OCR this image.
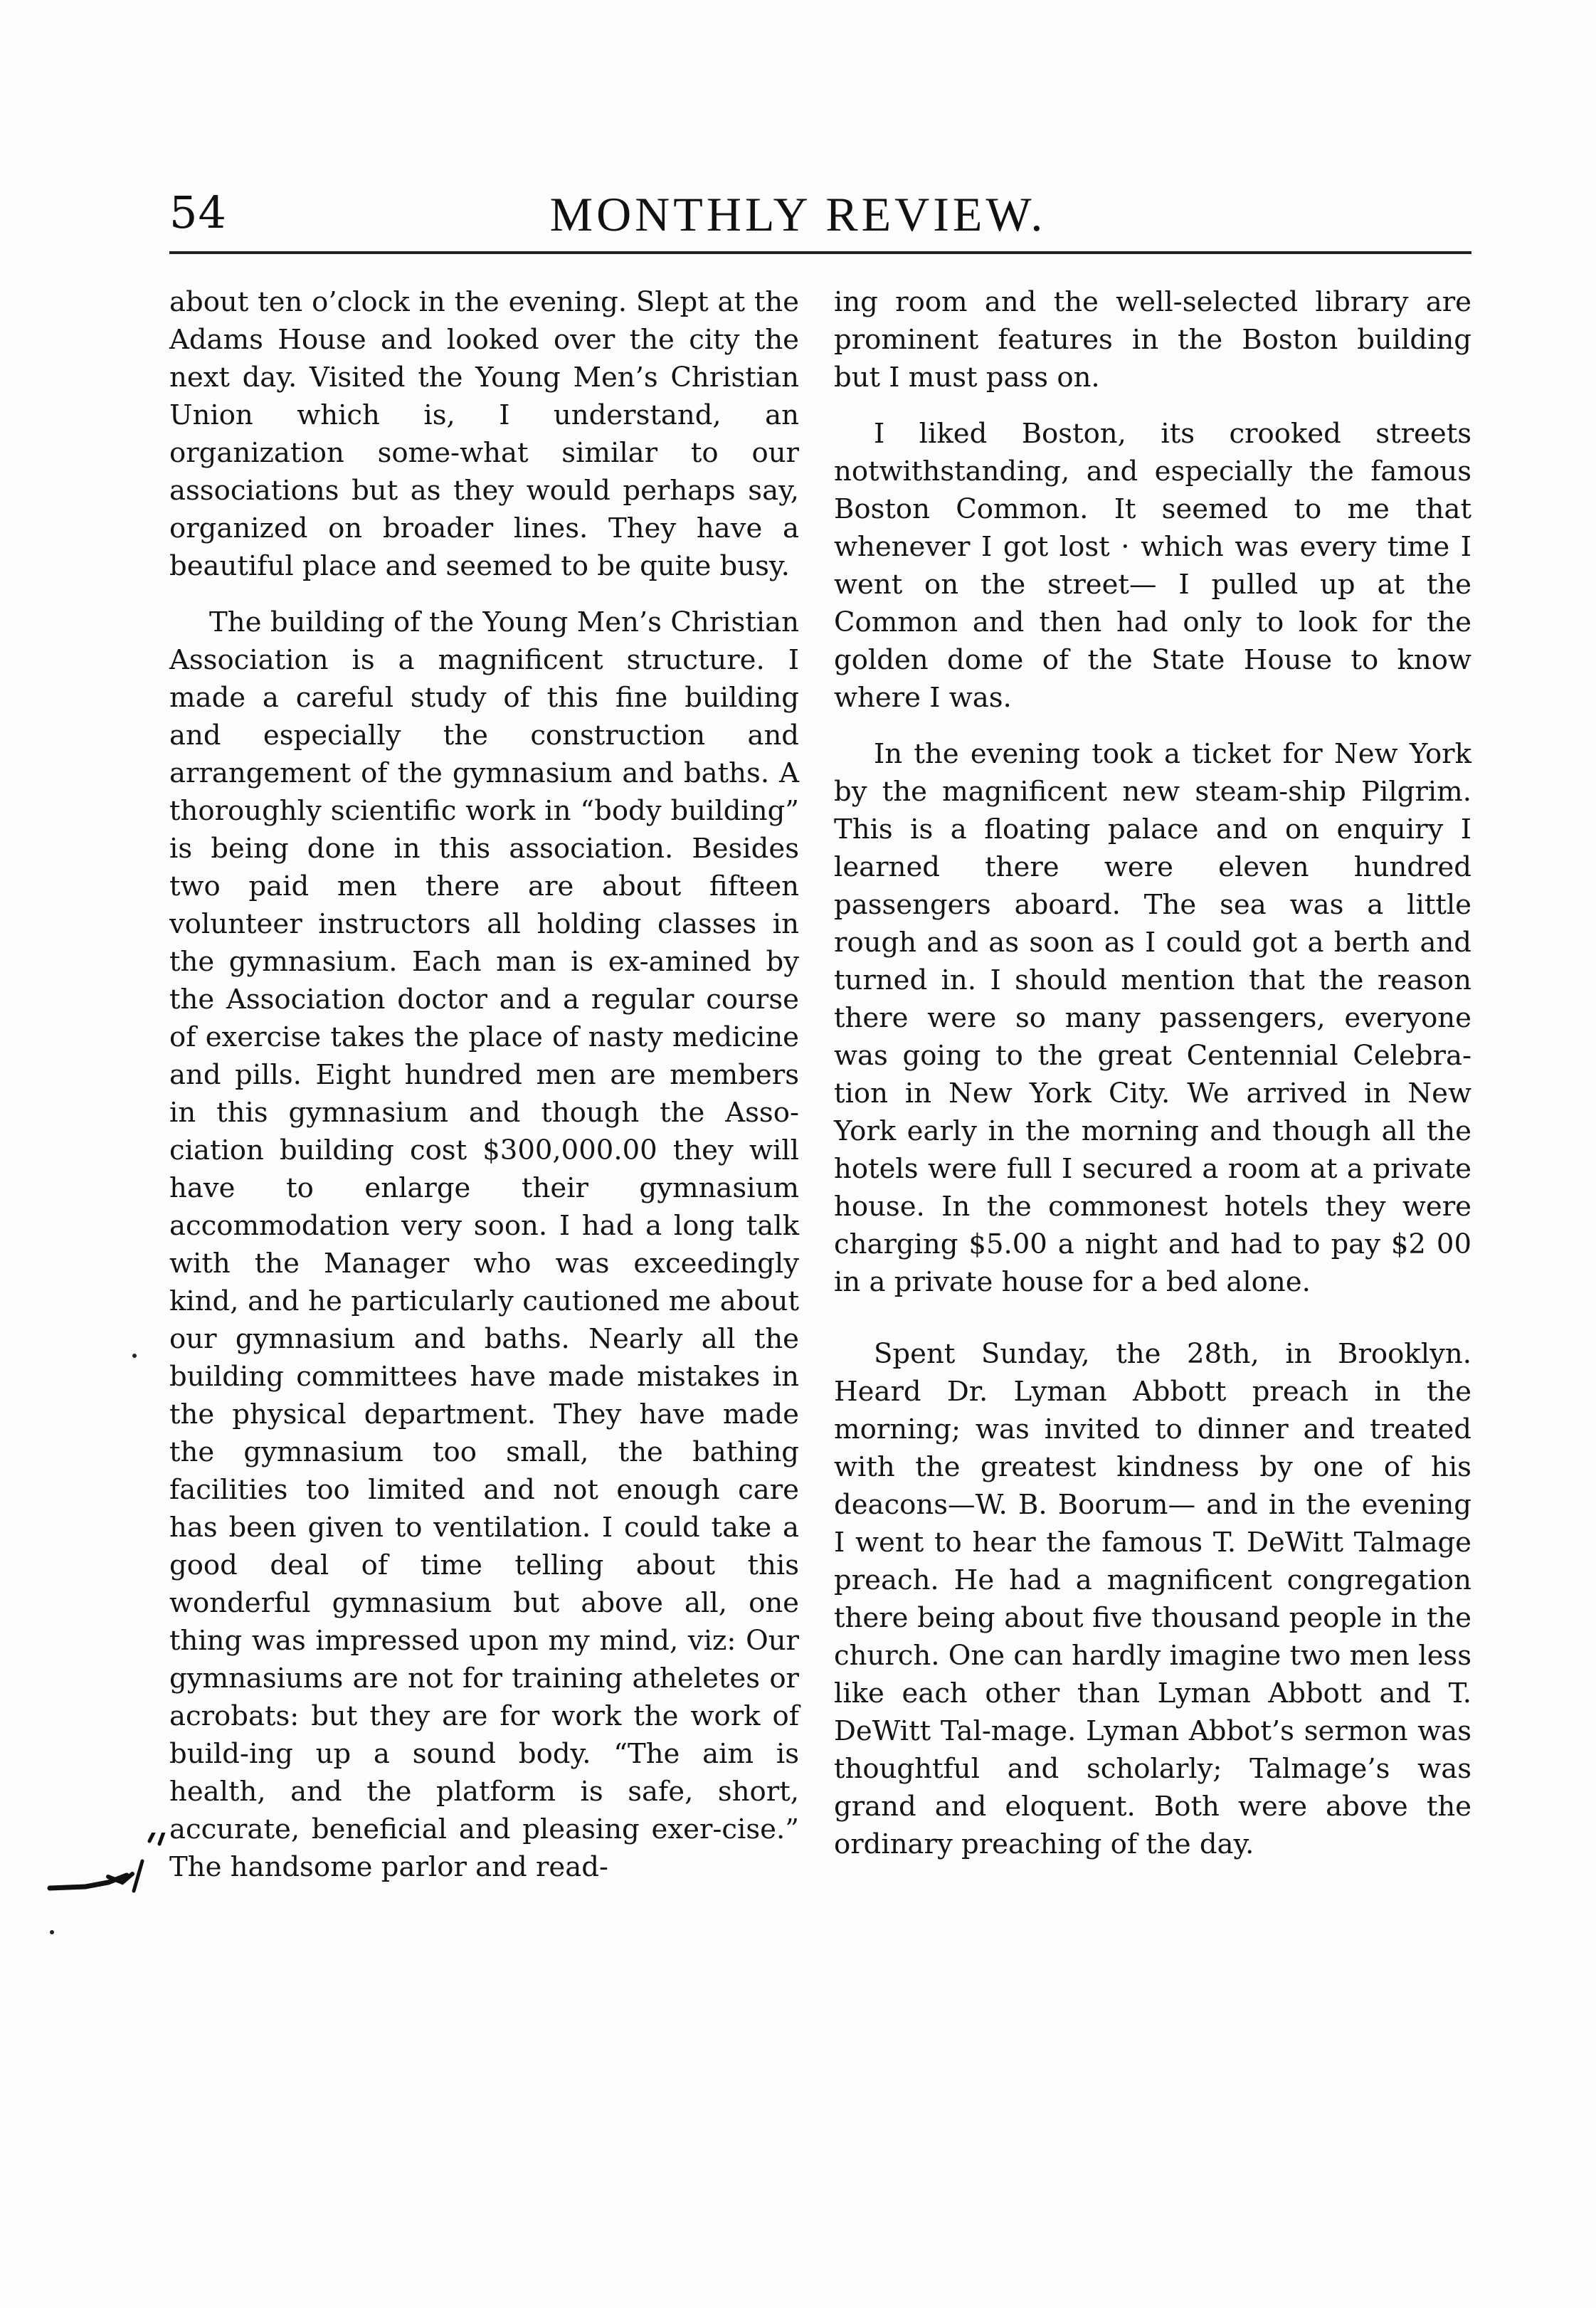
54	MONTHLY REVIEW.

about ten o’clock in the evening. Slept at the Adams House and looked over the city the next day. Visited the Young Men’s Christian Union which is, I understand, an organization some-what similar to our associations but as they would perhaps say, organized on broader lines. They have a beautiful place and seemed to be quite busy.

The building of the Young Men’s Christian Association is a magnificent structure. I made a careful study of this fine building and especially the construction and arrangement of the gymnasium and baths. A thoroughly scientific work in “body building” is being done in this association. Besides two paid men there are about fifteen volunteer instructors all holding classes in the gymnasium. Each man is ex-amined by the Association doctor and a regular course of exercise takes the place of nasty medicine and pills. Eight hundred men are members in this gymnasium and though the Asso-ciation building cost $300,000.00 they will have to enlarge their gymnasium accommodation very soon. I had a long talk with the Manager who was exceedingly kind, and he particularly cautioned me about our gymnasium and baths. Nearly all the building committees have made mistakes in the physical department. They have made the gymnasium too small, the bathing facilities too limited and not enough care has been given to ventilation. I could take a good deal of time telling about this wonderful gymnasium but above all, one thing was impressed upon my mind, viz: Our gymnasiums are not for training atheletes or acrobats: but they are for work the work of build-ing up a sound body. “The aim is health, and the platform is safe, short, accurate, beneficial and pleasing exer-cise.” The handsome parlor and read-

ing room and the well-selected library are prominent features in the Boston building but I must pass on.

I liked Boston, its crooked streets notwithstanding, and especially the famous Boston Common. It seemed to me that whenever I got lost · which was every time I went on the street— I pulled up at the Common and then had only to look for the golden dome of the State House to know where I was.

In the evening took a ticket for New York by the magnificent new steam-ship Pilgrim. This is a floating palace and on enquiry I learned there were eleven hundred passengers aboard. The sea was a little rough and as soon as I could got a berth and turned in. I should mention that the reason there were so many passengers, everyone was going to the great Centennial Celebra-tion in New York City. We arrived in New York early in the morning and though all the hotels were full I secured a room at a private house. In the commonest hotels they were charging $5.00 a night and had to pay $2 00 in a private house for a bed alone.

Spent Sunday, the 28th, in Brooklyn. Heard Dr. Lyman Abbott preach in the morning; was invited to dinner and treated with the greatest kindness by one of his deacons—W. B. Boorum— and in the evening I went to hear the famous T. DeWitt Talmage preach. He had a magnificent congregation there being about five thousand people in the church. One can hardly imagine two men less like each other than Lyman Abbott and T. DeWitt Tal-mage. Lyman Abbot’s sermon was thoughtful and scholarly; Talmage’s was grand and eloquent. Both were above the ordinary preaching of the day.
